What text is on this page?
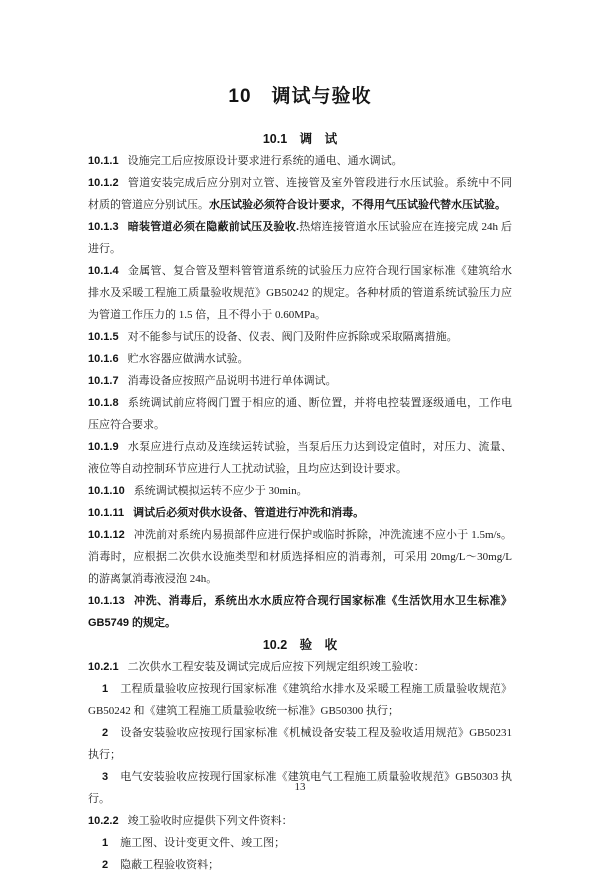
10　调试与验收
10.1　调　试

10.1.1 设施完工后应按原设计要求进行系统的通电、通水调试。

10.1.2 管道安装完成后应分别对立管、连接管及室外管段进行水压试验。系统中不同材质的管道应分别试压。水压试验必须符合设计要求，不得用气压试验代替水压试验。

10.1.3 暗装管道必须在隐蔽前试压及验收.热熔连接管道水压试验应在连接完成 24h 后进行。

10.1.4 金属管、复合管及塑料管管道系统的试验压力应符合现行国家标准《建筑给水排水及采暖工程施工质量验收规范》GB50242 的规定。各种材质的管道系统试验压力应为管道工作压力的 1.5 倍，且不得小于 0.60MPa。

10.1.5 对不能参与试压的设备、仪表、阀门及附件应拆除或采取隔离措施。

10.1.6 贮水容器应做满水试验。

10.1.7 消毒设备应按照产品说明书进行单体调试。

10.1.8 系统调试前应将阀门置于相应的通、断位置，并将电控装置逐级通电，工作电压应符合要求。

10.1.9 水泵应进行点动及连续运转试验，当泵后压力达到设定值时，对压力、流量、液位等自动控制环节应进行人工扰动试验，且均应达到设计要求。

10.1.10 系统调试模拟运转不应少于 30min。

10.1.11 调试后必须对供水设备、管道进行冲洗和消毒。

10.1.12 冲洗前对系统内易损部件应进行保护或临时拆除，冲洗流速不应小于 1.5m/s。消毒时，应根据二次供水设施类型和材质选择相应的消毒剂，可采用 20mg/L～30mg/L 的游离氯消毒液浸泡 24h。

10.1.13 冲洗、消毒后，系统出水水质应符合现行国家标准《生活饮用水卫生标准》GB5749 的规定。

10.2　验　收

10.2.1 二次供水工程安装及调试完成后应按下列规定组织竣工验收：

1 工程质量验收应按现行国家标准《建筑给水排水及采暖工程施工质量验收规范》GB50242 和《建筑工程施工质量验收统一标准》GB50300 执行；

2 设备安装验收应按现行国家标准《机械设备安装工程及验收适用规范》GB50231 执行；

3 电气安装验收应按现行国家标准《建筑电气工程施工质量验收规范》GB50303 执行。

10.2.2 竣工验收时应提供下列文件资料：

1 施工图、设计变更文件、竣工图；

2 隐蔽工程验收资料；

13
